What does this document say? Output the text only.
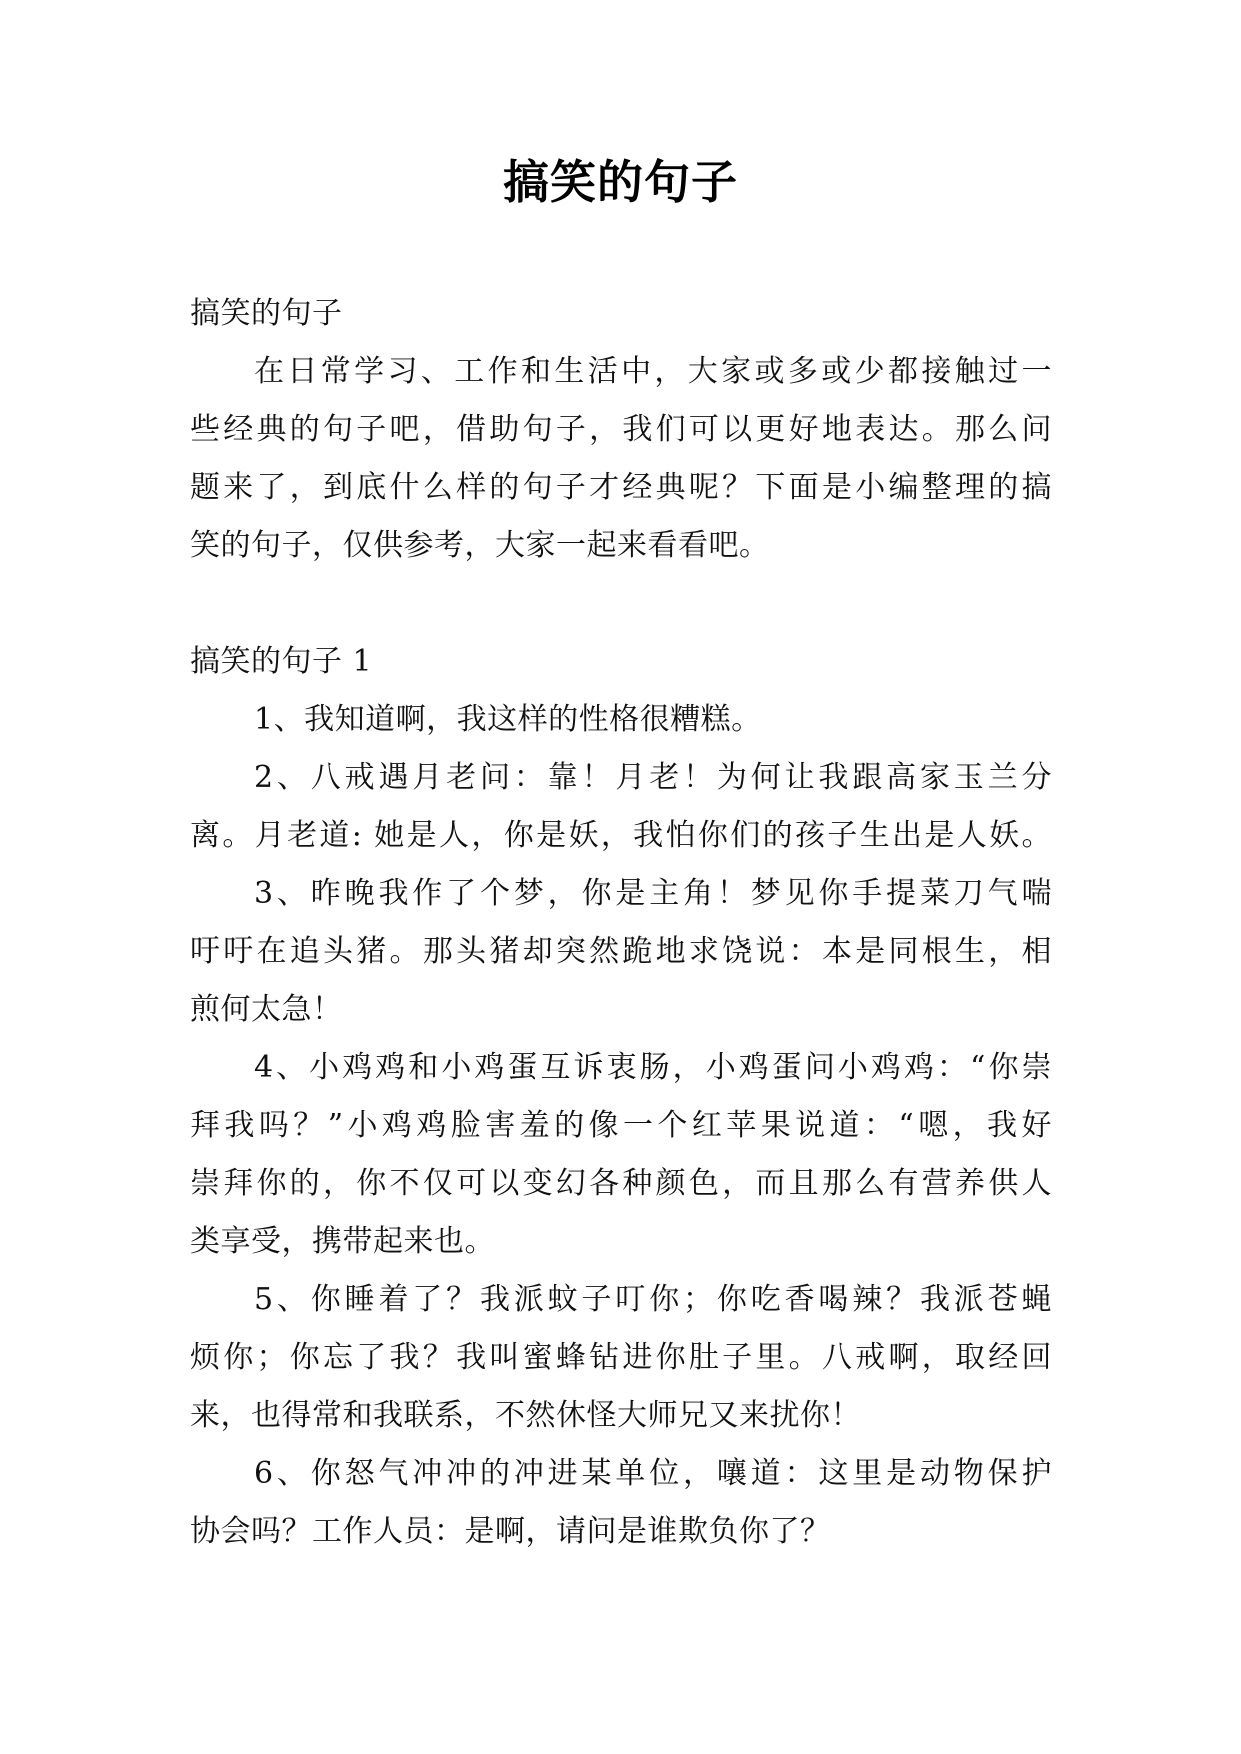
搞笑的句子
搞笑的句子
在日常学习、工作和生活中，大家或多或少都接触过一
些经典的句子吧，借助句子，我们可以更好地表达。那么问
题来了，到底什么样的句子才经典呢？下面是小编整理的搞
笑的句子，仅供参考，大家一起来看看吧。
搞笑的句子 1
1、我知道啊，我这样的性格很糟糕。
2、八戒遇月老问：靠！月老！为何让我跟高家玉兰分
离。月老道: 她是人，你是妖，我怕你们的孩子生出是人妖。
3、昨晚我作了个梦，你是主角！梦见你手提菜刀气喘
吁吁在追头猪。那头猪却突然跪地求饶说：本是同根生，相
煎何太急！
4、小鸡鸡和小鸡蛋互诉衷肠，小鸡蛋问小鸡鸡：“你崇
拜我吗？”小鸡鸡脸害羞的像一个红苹果说道：“嗯，我好
崇拜你的，你不仅可以变幻各种颜色，而且那么有营养供人
类享受，携带起来也。
5、你睡着了？我派蚊子叮你；你吃香喝辣？我派苍蝇
烦你；你忘了我？我叫蜜蜂钻进你肚子里。八戒啊，取经回
来，也得常和我联系，不然休怪大师兄又来扰你！
6、你怒气冲冲的冲进某单位，嚷道：这里是动物保护
协会吗？工作人员：是啊，请问是谁欺负你了？
